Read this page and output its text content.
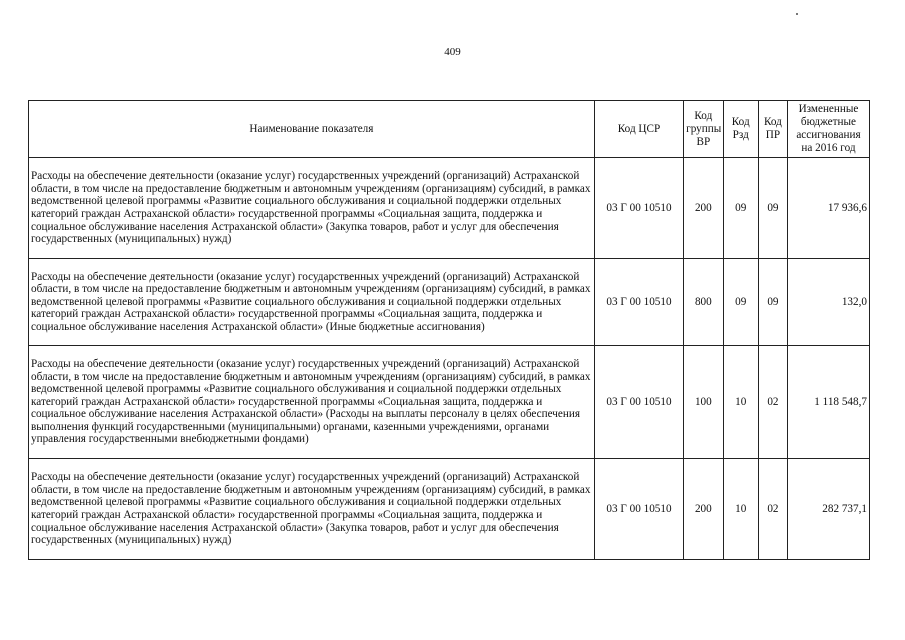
409
Наименование показателя	Код ЦСР	Код группы ВР	Код Рзд	Код ПР	Измененные бюджетные ассигнования на 2016 год
Расходы на обеспечение деятельности (оказание услуг) государственных учреждений (организаций) Астраханской области, в том числе на предоставление бюджетным и автономным учреждениям (организациям) субсидий, в рамках ведомственной целевой программы «Развитие социального обслуживания и социальной поддержки отдельных категорий граждан Астраханской области» государственной программы «Социальная защита, поддержка и социальное обслуживание населения Астраханской области» (Закупка товаров, работ и услуг для обеспечения государственных (муниципальных) нужд)	03 Г 00 10510	200	09	09	17 936,6
Расходы на обеспечение деятельности (оказание услуг) государственных учреждений (организаций) Астраханской области, в том числе на предоставление бюджетным и автономным учреждениям (организациям) субсидий, в рамках ведомственной целевой программы «Развитие социального обслуживания и социальной поддержки отдельных категорий граждан Астраханской области» государственной программы «Социальная защита, поддержка и социальное обслуживание населения Астраханской области» (Иные бюджетные ассигнования)	03 Г 00 10510	800	09	09	132,0
Расходы на обеспечение деятельности (оказание услуг) государственных учреждений (организаций) Астраханской области, в том числе на предоставление бюджетным и автономным учреждениям (организациям) субсидий, в рамках ведомственной целевой программы «Развитие социального обслуживания и социальной поддержки отдельных категорий граждан Астраханской области» государственной программы «Социальная защита, поддержка и социальное обслуживание населения Астраханской области» (Расходы на выплаты персоналу в целях обеспечения выполнения функций государственными (муниципальными) органами, казенными учреждениями, органами управления государственными внебюджетными фондами)	03 Г 00 10510	100	10	02	1 118 548,7
Расходы на обеспечение деятельности (оказание услуг) государственных учреждений (организаций) Астраханской области, в том числе на предоставление бюджетным и автономным учреждениям (организациям) субсидий, в рамках ведомственной целевой программы «Развитие социального обслуживания и социальной поддержки отдельных категорий граждан Астраханской области» государственной программы «Социальная защита, поддержка и социальное обслуживание населения Астраханской области» (Закупка товаров, работ и услуг для обеспечения государственных (муниципальных) нужд)	03 Г 00 10510	200	10	02	282 737,1
